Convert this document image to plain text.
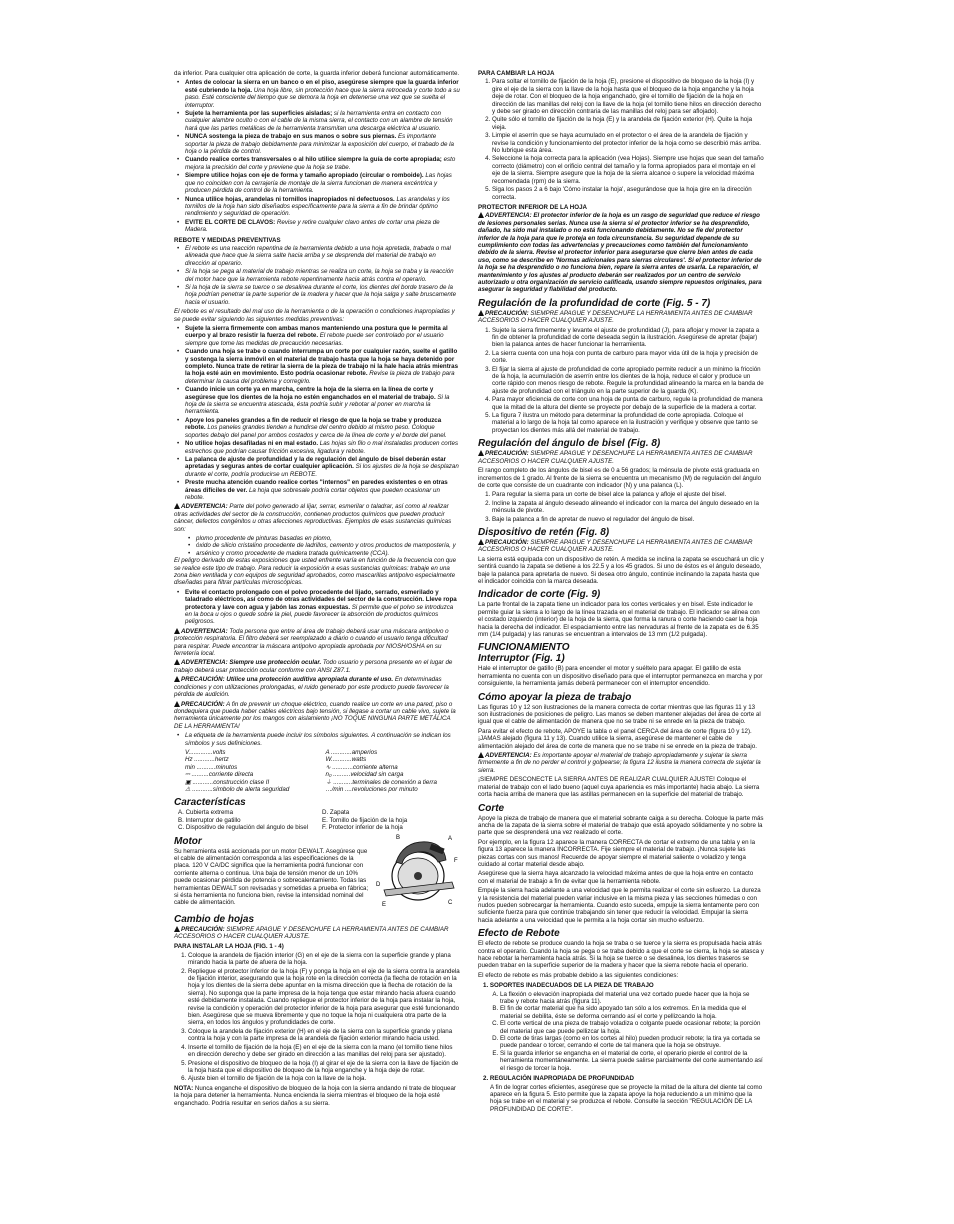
da inferior. Para cualquier otra aplicación de corte, la guarda inferior deberá funcionar automáticamente.

• Antes de colocar la sierra en un banco o en el piso, asegúrese siempre que la guarda inferior esté cubriendo la hoja. Una hoja libre, sin protección hace que la sierra retroceda y corte todo a su paso. Esté consciente del tiempo que se demora la hoja en detenerse una vez que se suelta el interruptor.
• Sujete la herramienta por las superficies aisladas; si la herramienta entra en contacto con cualquier alambre oculto o con el cable de la misma sierra, el contacto con un alambre de tensión hará que las partes metálicas de la herramienta transmitan una descarga eléctrica al usuario.
• NUNCA sostenga la pieza de trabajo en sus manos o sobre sus piernas. Es importante soportar la pieza de trabajo debidamente para minimizar la exposición del cuerpo, el trabado de la hoja o la pérdida de control.
• Cuando realice cortes transversales o al hilo utilice siempre la guía de corte apropiada; esto mejora la precisión del corte y previene que la hoja se trabe.
• Siempre utilice hojas con eje de forma y tamaño apropiado (circular o romboide). Las hojas que no coinciden con la cerrajería de montaje de la sierra funcionan de manera excéntrica y producen pérdida de control de la herramienta.
• Nunca utilice hojas, arandelas ni tornillos inapropiados ni defectuosos. Las arandelas y los tornillos de la hoja han sido diseñados específicamente para la sierra a fin de brindar óptimo rendimiento y seguridad de operación.
• EVITE EL CORTE DE CLAVOS: Revise y retire cualquier clavo antes de cortar una pieza de Madera.
REBOTE Y MEDIDAS PREVENTIVAS
• El rebote es una reacción repentina de la herramienta debido a una hoja apretada, trabada o mal alineada que hace que la sierra salte hacia arriba y se desprenda del material de trabajo en dirección al operario.
• Si la hoja se pega al material de trabajo mientras se realiza un corte, la hoja se traba y la reacción del motor hace que la herramienta rebote repentinamente hacia atrás contra el operario.
• Si la hoja de la sierra se tuerce o se desalinea durante el corte, los dientes del borde trasero de la hoja podrían penetrar la parte superior de la madera y hacer que la hoja salga y salte bruscamente hacia el usuario.

El rebote es el resultado del mal uso de la herramienta o de la operación o condiciones inapropiadas y se puede evitar siguiendo las siguientes medidas preventivas:

• Sujete la sierra firmemente con ambas manos manteniendo una postura que le permita al cuerpo y al brazo resistir la fuerza del rebote. El rebote puede ser controlado por el usuario siempre que tome las medidas de precaución necesarias.
• Cuando una hoja se trabe o cuando interrumpa un corte por cualquier razón, suelte el gatillo y sostenga la sierra inmóvil en el material de trabajo hasta que la hoja se haya detenido por completo. Nunca trate de retirar la sierra de la pieza de trabajo ni la hale hacia atrás mientras la hoja esté aún en movimiento. Esto podría ocasionar rebote. Revise la pieza de trabajo para determinar la causa del problema y corregirlo.
• Cuando inicie un corte ya en marcha, centre la hoja de la sierra en la línea de corte y asegúrese que los dientes de la hoja no estén enganchados en el material de trabajo. Si la hoja de la sierra se encuentra atascada, ésta podría subir y rebotar al poner en marcha la herramienta.
• Apoye los paneles grandes a fin de reducir el riesgo de que la hoja se trabe y produzca rebote. Los paneles grandes tienden a hundirse del centro debido al mismo peso. Coloque soportes debajo del panel por ambos costados y cerca de la línea de corte y el borde del panel.
• No utilice hojas desafiladas ni en mal estado. Las hojas sin filo o mal instaladas producen cortes estrechos que podrían causar fricción excesiva, ligadura y rebote.
• La palanca de ajuste de profundidad y la de regulación del ángulo de bisel deberán estar apretadas y seguras antes de cortar cualquier aplicación. Si los ajustes de la hoja se desplazan durante el corte, podría producirse un REBOTE.
• Preste mucha atención cuando realice cortes "internos" en paredes existentes o en otras áreas difíciles de ver. La hoja que sobresale podría cortar objetos que pueden ocasionar un rebote.

ADVERTENCIA: Parte del polvo generado al lijar, serrar, esmerilar o taladrar, así como al realizar otras actividades del sector de la construcción, contienen productos químicos que pueden producir cáncer, defectos congénitos u otras afecciones reproductivas. Ejemplos de esas sustancias químicas son:

• plomo procedente de pinturas basadas en plomo,
• óxido de silicio cristalino procedente de ladrillos, cemento y otros productos de mampostería, y
• arsénico y cromo procedente de madera tratada químicamente (CCA).

El peligro derivado de estas exposiciones que usted enfrente varía en función de la frecuencia con que se realice este tipo de trabajo. Para reducir la exposición a esas sustancias químicas: trabaje en una zona bien ventilada y con equipos de seguridad aprobados, como mascarillas antipolvo especialmente diseñadas para filtrar partículas microscópicas.

• Evite el contacto prolongado con el polvo procedente del lijado, serrado, esmerilado y taladrado eléctricos, así como de otras actividades del sector de la construcción. Lleve ropa protectora y lave con agua y jabón las zonas expuestas. Si permite que el polvo se introduzca en la boca u ojos o quede sobre la piel, puede favorecer la absorción de productos químicos peligrosos.

ADVERTENCIA: Toda persona que entre al área de trabajo deberá usar una máscara antipolvo o protección respiratoria. El filtro deberá ser reemplazado a diario o cuando el usuario tenga dificultad para respirar. Puede encontrar la máscara antipolvo apropiada aprobada por NIOSH/OSHA en su ferretería local.

ADVERTENCIA: Siempre use protección ocular. Todo usuario y persona presente en el lugar de trabajo deberá usar protección ocular conforme con ANSI Z87.1.

PRECAUCIÓN: Utilice una protección auditiva apropiada durante el uso. En determinadas condiciones y con utilizaciones prolongadas, el ruido generado por este producto puede favorecer la pérdida de audición.

PRECAUCIÓN: A fin de prevenir un choque eléctrico, cuando realice un corte en una pared, piso o dondequiera que pueda haber cables eléctricos bajo tensión, si llegase a cortar un cable vivo, sujete la herramienta únicamente por los mangos con aislamiento ¡NO TOQUE NINGUNA PARTE METÁLICA DE LA HERRAMIENTA!

• La etiqueta de la herramienta puede incluir los símbolos siguientes. A continuación se indican los símbolos y sus definiciones.
V..............volts	A ............amperios
Hz ............hertz	W............watts
min ...........minutos	∿ ............corriente alterna
⎓ ..........corriente directa	n₀ ..........velocidad sin carga
▣ ............construcción clase II	⏚ ...........terminales de conexión a tierra
⚠ ............símbolo de alerta seguridad	…/min ....revoluciones por minuto
Características
A. Cubierta extrema	D. Zapata
B. Interruptor de gatillo	E. Tornillo de fijación de la hoja
C. Dispositivo de regulación del ángulo de bisel	F. Protector inferior de la hoja
Motor

Su herramienta está accionada por un motor DEWALT. Asegúrese que el cable de alimentación corresponda a las especificaciones de la placa. 120 V CA/DC significa que la herramienta podrá funcionar con corriente alterna o continua. Una baja de tensión menor de un 10% puede ocasionar pérdida de potencia o sobrecalentamiento. Todas las herramientas DEWALT son revisadas y sometidas a prueba en fábrica; si ésta herramienta no funciona bien, revise la intensidad nominal del cable de alimentación.

B	A
F
D
E	C
Cambio de hojas

PRECAUCIÓN: SIEMPRE APAGUE Y DESENCHUFE LA HERRAMIENTA ANTES DE CAMBIAR ACCESORIOS O HACER CUALQUIER AJUSTE.

PARA INSTALAR LA HOJA (FIG. 1 - 4)
1. Coloque la arandela de fijación interior (G) en el eje de la sierra con la superficie grande y plana mirando hacia la parte de afuera de la hoja.
2. Repliegue el protector inferior de la hoja (F) y ponga la hoja en el eje de la sierra contra la arandela de fijación interior, asegurando que la hoja rote en la dirección correcta (la flecha de rotación en la hoja y los dientes de la sierra debe apuntar en la misma dirección que la flecha de rotación de la sierra). No suponga que la parte impresa de la hoja tenga que estar mirando hacia afuera cuando esté debidamente instalada. Cuando repliegue el protector inferior de la hoja para instalar la hoja, revise la condición y operación del protector inferior de la hoja para asegurar que esté funcionando bien. Asegúrese que se mueva libremente y que no toque la hoja ni cualquiera otra parte de la sierra, en todos los ángulos y profundidades de corte.
3. Coloque la arandela de fijación exterior (H) en el eje de la sierra con la superficie grande y plana contra la hoja y con la parte impresa de la arandela de fijación exterior mirando hacia usted.
4. Inserte el tornillo de fijación de la hoja (E) en el eje de la sierra con la mano (el tornillo tiene hilos en dirección derecho y debe ser girado en dirección a las manillas del reloj para ser ajustado).
5. Presione el dispositivo de bloqueo de la hoja (I) al girar el eje de la sierra con la llave de fijación de la hoja hasta que el dispositivo de bloqueo de la hoja enganche y la hoja deje de rotar.
6. Ajuste bien el tornillo de fijación de la hoja con la llave de la hoja.

NOTA: Nunca enganche el dispositivo de bloqueo de la hoja con la sierra andando ni trate de bloquear la hoja para detener la herramienta. Nunca encienda la sierra mientras el bloqueo de la hoja esté enganchado. Podría resultar en serios daños a su sierra.

PARA CAMBIAR LA HOJA
1. Para soltar el tornillo de fijación de la hoja (E), presione el dispositivo de bloqueo de la hoja (I) y gire el eje de la sierra con la llave de la hoja hasta que el bloqueo de la hoja enganche y la hoja deje de rotar. Con el bloqueo de la hoja enganchado, gire el tornillo de fijación de la hoja en dirección de las manillas del reloj con la llave de la hoja (el tornillo tiene hilos en dirección derecho y debe ser girado en dirección contraria de las manillas del reloj para ser aflojado).
2. Quite sólo el tornillo de fijación de la hoja (E) y la arandela de fijación exterior (H). Quite la hoja vieja.
3. Limpie el aserrín que se haya acumulado en el protector o el área de la arandela de fijación y revise la condición y funcionamiento del protector inferior de la hoja como se describió más arriba. No lubrique esta área.
4. Seleccione la hoja correcta para la aplicación (vea Hojas). Siempre use hojas que sean del tamaño correcto (diámetro) con el orificio central del tamaño y la forma apropiados para el montaje en el eje de la sierra. Siempre asegure que la hoja de la sierra alcance o supere la velocidad máxima recomendada (rpm) de la sierra.
5. Siga los pasos 2 a 6 bajo 'Cómo instalar la hoja', asegurándose que la hoja gire en la dirección correcta.
PROTECTOR INFERIOR DE LA HOJA

ADVERTENCIA: El protector inferior de la hoja es un rasgo de seguridad que reduce el riesgo de lesiones personales serias. Nunca use la sierra si el protector inferior se ha desprendido, dañado, ha sido mal instalado o no está funcionando debidamente. No se fíe del protector inferior de la hoja para que le proteja en toda circunstancia. Su seguridad depende de su cumplimiento con todas las advertencias y precauciones como también del funcionamiento debido de la sierra. Revise el protector inferior para asegurarse que cierre bien antes de cada uso, como se describe en 'Normas adicionales para sierras circulares'. Si el protector inferior de la hoja se ha desprendido o no funciona bien, repare la sierra antes de usarla. La reparación, el mantenimiento y los ajustes al producto deberán ser realizados por un centro de servicio autorizado u otra organización de servicio calificada, usando siempre repuestos originales, para asegurar la seguridad y fiabilidad del producto.

Regulación de la profundidad de corte (Fig. 5 - 7)

PRECAUCIÓN: SIEMPRE APAGUE Y DESENCHUFE LA HERRAMIENTA ANTES DE CAMBIAR ACCESORIOS O HACER CUALQUIER AJUSTE.

1. Sujete la sierra firmemente y levante el ajuste de profundidad (J), para aflojar y mover la zapata a fin de obtener la profundidad de corte deseada según la ilustración. Asegúrese de apretar (bajar) bien la palanca antes de hacer funcionar la herramienta.
2. La sierra cuenta con una hoja con punta de carburo para mayor vida útil de la hoja y precisión de corte.
3. El fijar la sierra al ajuste de profundidad de corte apropiado permite reducir a un mínimo la fricción de la hoja, la acumulación de aserrín entre los dientes de la hoja, reduce el calor y produce un corte rápido con menos riesgo de rebote. Regule la profundidad alineando la marca en la banda de ajuste de profundidad con el triángulo en la parte superior de la guarda (K).
4. Para mayor eficiencia de corte con una hoja de punta de carburo, regule la profundidad de manera que la mitad de la altura del diente se proyecte por debajo de la superficie de la madera a cortar.
5. La figura 7 ilustra un método para determinar la profundidad de corte apropiada. Coloque el material a lo largo de la hoja tal como aparece en la ilustración y verifique y observe que tanto se proyectan los dientes más allá del material de trabajo.
Regulación del ángulo de bisel (Fig. 8)

PRECAUCIÓN: SIEMPRE APAGUE Y DESENCHUFE LA HERRAMIENTA ANTES DE CAMBIAR ACCESORIOS O HACER CUALQUIER AJUSTE.

El rango completo de los ángulos de bisel es de 0 a 56 grados; la ménsula de pivote está graduada en incrementos de 1 grado. Al frente de la sierra se encuentra un mecanismo (M) de regulación del ángulo de corte que consiste de un cuadrante con indicador (N) y una palanca (L).

1. Para regular la sierra para un corte de bisel alce la palanca y afloje el ajuste del bisel.
2. Incline la zapata al ángulo deseado alineando el indicador con la marca del ángulo deseado en la ménsula de pivote.
3. Baje la palanca a fin de apretar de nuevo el regulador del ángulo de bisel.
Dispositivo de retén (Fig. 8)

PRECAUCIÓN: SIEMPRE APAGUE Y DESENCHUFE LA HERRAMIENTA ANTES DE CAMBIAR ACCESORIOS O HACER CUALQUIER AJUSTE.

La sierra está equipada con un dispositivo de retén. A medida se inclina la zapata se escuchará un clic y sentirá cuando la zapata se detiene a los 22.5 y a los 45 grados. Si uno de éstos es el ángulo deseado, baje la palanca para apretarla de nuevo. Si desea otro ángulo, continúe inclinando la zapata hasta que el indicador coincida con la marca deseada.

Indicador de corte (Fig. 9)

La parte frontal de la zapata tiene un indicador para los cortes verticales y en bisel. Este indicador le permite guiar la sierra a lo largo de la línea trazada en el material de trabajo. El indicador se alinea con el costado izquierdo (interior) de la hoja de la sierra, que forma la ranura o corte haciendo caer la hoja hacia la derecha del indicador. El espaciamiento entre las nervaduras al frente de la zapata es de 6.35 mm (1/4 pulgada) y las ranuras se encuentran a intervalos de 13 mm (1/2 pulgada).

FUNCIONAMIENTO
Interruptor (Fig. 1)

Hale el interruptor de gatillo (B) para encender el motor y suéltelo para apagar. El gatillo de esta herramienta no cuenta con un dispositivo diseñado para que el interruptor permanezca en marcha y por consiguiente, la herramienta jamás deberá permanecer con el interruptor encendido.

Cómo apoyar la pieza de trabajo

Las figuras 10 y 12 son ilustraciones de la manera correcta de cortar mientras que las figuras 11 y 13 son ilustraciones de posiciones de peligro. Las manos se deben mantener alejadas del área de corte al igual que el cable de alimentación de manera que no se trabe ni se enrede en la pieza de trabajo.

Para evitar el efecto de rebote, APOYE la tabla o el panel CERCA del área de corte (figura 10 y 12). ¡JAMAS alejado (figura 11 y 13). Cuando utilice la sierra, asegúrese de mantener el cable de alimentación alejado del área de corte de manera que no se trabe ni se enrede en la pieza de trabajo.

ADVERTENCIA: Es importante apoyar el material de trabajo apropiadamente y sujetar la sierra firmemente a fin de no perder el control y golpearse; la figura 12 ilustra la manera correcta de sujetar la sierra.

¡SIEMPRE DESCONECTE LA SIERRA ANTES DE REALIZAR CUALQUIER AJUSTE! Coloque el material de trabajo con el lado bueno (aquel cuya apariencia es más importante) hacia abajo. La sierra corta hacia arriba de manera que las astillas permanecen en la superficie del material de trabajo.

Corte

Apoye la pieza de trabajo de manera que el material sobrante caiga a su derecha. Coloque la parte más ancha de la zapata de la sierra sobre el material de trabajo que está apoyado sólidamente y no sobre la parte que se desprenderá una vez realizado el corte.

Por ejemplo, en la figura 12 aparece la manera CORRECTA de cortar el extremo de una tabla y en la figura 13 aparece la manera INCORRECTA. Fije siempre el material de trabajo. ¡Nunca sujete las piezas cortas con sus manos! Recuerde de apoyar siempre el material saliente o voladizo y tenga cuidado al cortar material desde abajo.

Asegúrese que la sierra haya alcanzado la velocidad máxima antes de que la hoja entre en contacto con el material de trabajo a fin de evitar que la herramienta rebote.

Empuje la sierra hacia adelante a una velocidad que le permita realizar el corte sin esfuerzo. La dureza y la resistencia del material pueden variar inclusive en la misma pieza y las secciones húmedas o con nudos pueden sobrecargar la herramienta. Cuando esto suceda, empuje la sierra lentamente pero con suficiente fuerza para que continúe trabajando sin tener que reducir la velocidad. Empujar la sierra hacia adelante a una velocidad que le permita a la hoja cortar sin mucho esfuerzo.

Efecto de Rebote

El efecto de rebote se produce cuando la hoja se traba o se tuerce y la sierra es propulsada hacia atrás contra el operario. Cuando la hoja se pega o se traba debido a que el corte se cierra, la hoja se atasca y hace rebotar la herramienta hacia atrás. Si la hoja se tuerce o se desalinea, los dientes traseros se pueden trabar en la superficie superior de la madera y hacer que la sierra rebote hacia el operario.

El efecto de rebote es más probable debido a las siguientes condiciones:

1. SOPORTES INADECUADOS DE LA PIEZA DE TRABAJO
A. La flexión o elevación inapropiada del material una vez cortado puede hacer que la hoja se trabe y rebote hacia atrás (figura 11).
B. El fin de cortar material que ha sido apoyado tan sólo a los extremos. En la medida que el material se debilita, éste se deforma cerrando así el corte y pellizcando la hoja.
C. El corte vertical de una pieza de trabajo voladiza o colgante puede ocasionar rebote; la porción del material que cae puede pellizcar la hoja.
D. El corte de tiras largas (como en los cortes al hilo) pueden producir rebote; la tira ya cortada se puede pandear o torcer, cerrando el corte de tal manera que la hoja se obstruye.
E. Si la guarda inferior se engancha en el material de corte, el operario pierde el control de la herramienta momentáneamente. La sierra puede salirse parcialmente del corte aumentando así el riesgo de torcer la hoja.
2. REGULACIÓN INAPROPIADA DE PROFUNDIDAD

A fin de lograr cortes eficientes, asegúrese que se proyecte la mitad de la altura del diente tal como aparece en la figura 5. Esto permite que la zapata apoye la hoja reduciendo a un mínimo que la hoja se trabe en el material y se produzca el rebote. Consulte la sección "REGULACIÓN DE LA PROFUNDIDAD DE CORTE".
